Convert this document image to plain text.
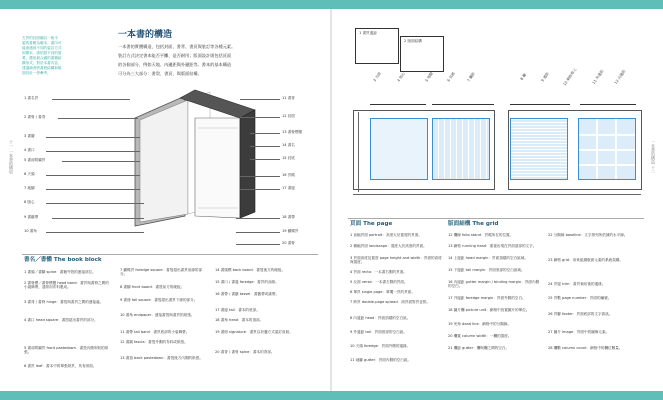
十一 一本書的構造
左頁的封面圖以一般平
裝的書籍為範本。書內可
能會遇到不同的裝訂方式
和開本，請依照不同的需
要，選用最合適的書籍結
構形式。對於本書內容，
建議讀者將書冊結構和版
面設計一併參考。
一本書的構造
一本書的實體構造，包括封面、書背、書頁與裝訂等各種元素。
裝訂方式決定書本能否平攤、是否耐用；版面設計則包括頁面
的各個部分，例如天地、內邊距與外邊距等。書本的基本構造
可分為三大部分：書殼、書頁、與版面結構。
1 書名頁
2 書脊 / 書背
3 書腰
4 書口
5 書前附屬頁
6 天頭
7 地腳
8 版心
9 書籤帶
10 書角
11 書背
12 封面
13 書脊標題
14 書名
15 封底
16 頁碼
17 書邊
18 書帶
19 蝴蝶頁
20 書脊
書名／書體 The book block
1 書頭／書腳 spine：書籍外殼的連接部位。
2 書脊標／書脊標題 head band：書頁與書脊之間的小裝飾帶，通常用布料製成。
3 書背 / 書脊 hinge：書殼與書頁之間的連接處。
4 書口 head square：書殼超出書頁的部分。
5 書前附屬頁 front pastedown：書殼內側所貼的紙張。
6 書頁 leaf：書本中的單張紙頁，具有兩面。
7 蝴蝶頁 foredge square：書殼超出書頁前緣的部分。
8 書腳 front board：書殼前方的硬板。
9 書冊 fall square：書殼超出書頁下緣的部分。
10 書角 endpaper：連接書殼與書頁的紙張。
11 書帶 tail band：書頁底部的小裝飾帶。
12 書襯 fascia：書殼外側的布料或紙張。
13 書頂 back pastedown：書殼後方內側的紙張。
14 書頭標 back board：書殼後方的硬板。
15 書口 / 書邊 foredge：書頁的前緣。
16 書帶 / 書籤 tassel：書籤帶或絲帶。
17 書邊 tail：書本的底部。
18 書角 head：書本的頂部。
19 書冊 signature：書頁以折疊方式裝訂成冊。
20 書背 / 書脊 spine：書本的背部。
一本書的構造 十二
1 書頁邊距
2 版面結構
3 天頭	4 版心	5 地腳	6 頁碼	7 欄距	8 欄	9 邊距	10 網格單元	11 外邊距	12 內邊距
頁面 The page	版面結構 The grid
1 直幅頁面 portrait：高度大於寬度的頁面。
2 橫幅頁面 landscape：寬度大於高度的頁面。
3 頁面高度及寬度 page height and width：頁面的高度與寬度。
4 頁面 recto：一本書右側的頁面。
5 反面 verso：一本書左側的頁面。
6 單頁 single page：單獨一頁的頁面。
7 跨頁 double-page spread：兩頁面對頁並排。
8 內邊距 head：頁面頂端的空白區。
9 外邊距 tail：頁面底部的空白區。
10 天頭 foredge：頁面外側的邊緣。
11 地腳 gutter：頁面內側的空白區。
12 欄線 folio stand：頁碼所在的位置。
13 網格 running head：重複出現在頁面頂部的文字。
14 上邊距 head margin：頁面頂端的空白區域。
15 下邊距 tail margin：頁面底部的空白區域。
16 內邊距 gutter margin / binding margin：頁面內側的空白。
17 外邊距 foredge margin：頁面外側的空白。
18 圖片欄 picture unit：網格中放置圖片的單位。
19 死角 dead line：網格中的分隔線。
20 欄寬 column width：一欄的寬度。
21 欄距 gutter：欄與欄之間的空白。
22 分隔線 baseline：文字排列所依據的水平線。
23 網格 grid：用來組織版面元素的系統架構。
24 頁邊 trim：書頁裁切後的邊緣。
25 頁數 page number：頁面的編號。
26 頁腳 footer：頁面底部的文字資訊。
27 圖片 image：頁面中的圖像元素。
28 欄數 column count：網格中的欄位數量。
